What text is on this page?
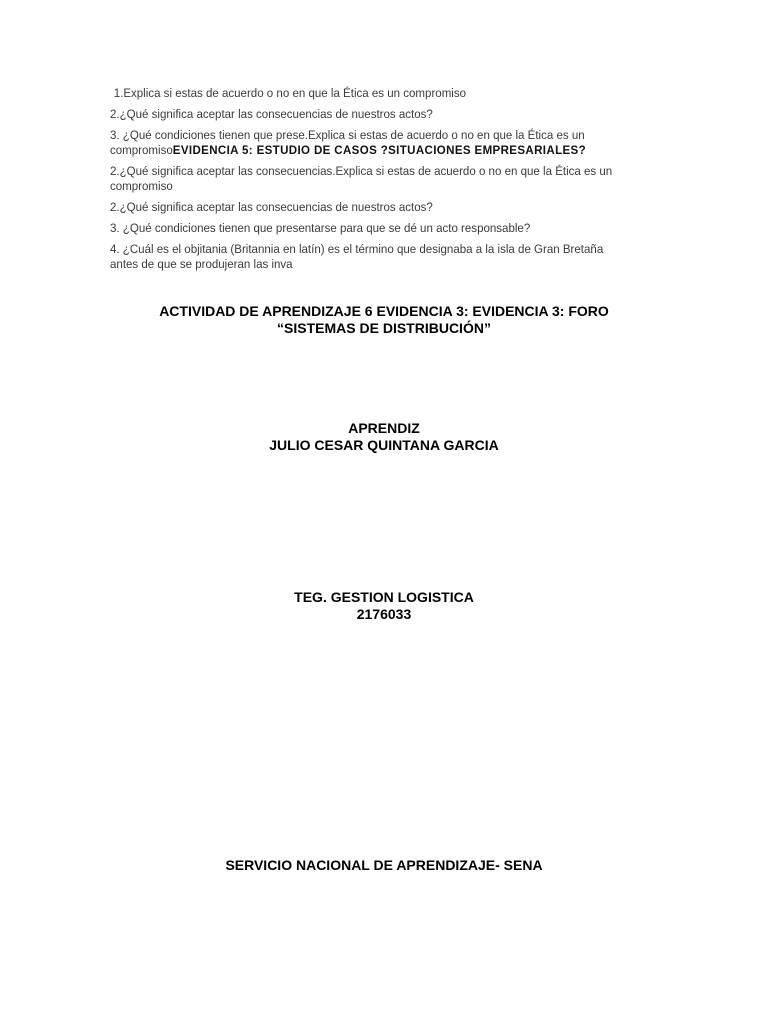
1.Explica si estas de acuerdo o no en que la Ética es un compromiso

2.¿Qué significa aceptar las consecuencias de nuestros actos?

3. ¿Qué condiciones tienen que prese.Explica si estas de acuerdo o no en que la Ética es un compromisoEVIDENCIA 5: ESTUDIO DE CASOS ?SITUACIONES EMPRESARIALES?

2.¿Qué significa aceptar las consecuencias.Explica si estas de acuerdo o no en que la Ética es un compromiso

2.¿Qué significa aceptar las consecuencias de nuestros actos?

3. ¿Qué condiciones tienen que presentarse para que se dé un acto responsable?

4. ¿Cuál es el objitania (Britannia en latín) es el término que designaba a la isla de Gran Bretaña antes de que se produjeran las inva

ACTIVIDAD DE APRENDIZAJE 6 EVIDENCIA 3: EVIDENCIA 3: FORO
“SISTEMAS DE DISTRIBUCIÓN”
APRENDIZ
JULIO CESAR QUINTANA GARCIA
TEG. GESTION LOGISTICA
2176033
SERVICIO NACIONAL DE APRENDIZAJE- SENA
